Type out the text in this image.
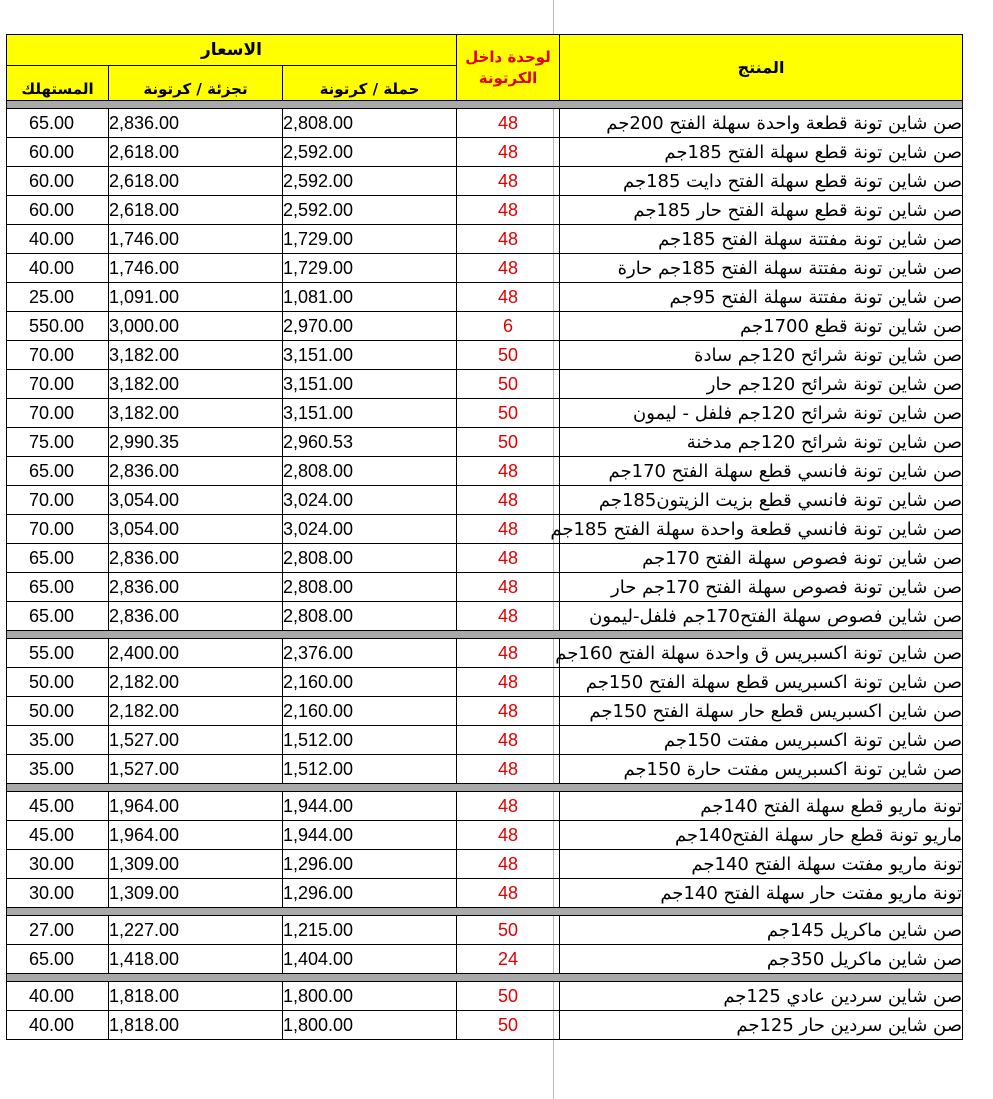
الاسعار			لوحدة داخل الكرتونة	المنتج
المستهلك	تجزئة / كرتونة	حملة / كرتونة		

65.00	2,836.00	2,808.00	48	صن شاين تونة قطعة واحدة سهلة الفتح 200جم
60.00	2,618.00	2,592.00	48	صن شاين تونة قطع سهلة الفتح 185جم
60.00	2,618.00	2,592.00	48	صن شاين تونة قطع سهلة الفتح دايت 185جم
60.00	2,618.00	2,592.00	48	صن شاين تونة قطع سهلة الفتح حار 185جم
40.00	1,746.00	1,729.00	48	صن شاين تونة مفتتة سهلة الفتح 185جم
40.00	1,746.00	1,729.00	48	صن شاين تونة مفتتة سهلة الفتح 185جم حارة
25.00	1,091.00	1,081.00	48	صن شاين تونة مفتتة سهلة الفتح 95جم
550.00	3,000.00	2,970.00	6	صن شاين تونة قطع 1700جم
70.00	3,182.00	3,151.00	50	صن شاين تونة شرائح 120جم سادة
70.00	3,182.00	3,151.00	50	صن شاين تونة شرائح 120جم حار
70.00	3,182.00	3,151.00	50	صن شاين تونة شرائح 120جم فلفل - ليمون
75.00	2,990.35	2,960.53	50	صن شاين تونة شرائح 120جم مدخنة
65.00	2,836.00	2,808.00	48	صن شاين تونة فانسي قطع سهلة الفتح 170جم
70.00	3,054.00	3,024.00	48	صن شاين تونة فانسي قطع بزيت الزيتون185جم
70.00	3,054.00	3,024.00	48	صن شاين تونة فانسي قطعة واحدة سهلة الفتح 185جم
65.00	2,836.00	2,808.00	48	صن شاين تونة فصوص سهلة الفتح 170جم
65.00	2,836.00	2,808.00	48	صن شاين تونة فصوص سهلة الفتح 170جم حار
65.00	2,836.00	2,808.00	48	صن شاين فصوص سهلة الفتح170جم فلفل-ليمون

55.00	2,400.00	2,376.00	48	صن شاين تونة اكسبريس ق واحدة سهلة الفتح 160جم
50.00	2,182.00	2,160.00	48	صن شاين تونة اكسبريس قطع سهلة الفتح 150جم
50.00	2,182.00	2,160.00	48	صن شاين اكسبريس قطع حار سهلة الفتح 150جم
35.00	1,527.00	1,512.00	48	صن شاين تونة اكسبريس مفتت 150جم
35.00	1,527.00	1,512.00	48	صن شاين تونة اكسبريس مفتت حارة 150جم

45.00	1,964.00	1,944.00	48	تونة ماريو قطع سهلة الفتح 140جم
45.00	1,964.00	1,944.00	48	ماريو تونة قطع حار سهلة الفتح140جم
30.00	1,309.00	1,296.00	48	تونة ماريو مفتت سهلة الفتح 140جم
30.00	1,309.00	1,296.00	48	تونة ماريو مفتت حار سهلة الفتح 140جم

27.00	1,227.00	1,215.00	50	صن شاين ماكريل 145جم
65.00	1,418.00	1,404.00	24	صن شاين ماكريل 350جم

40.00	1,818.00	1,800.00	50	صن شاين سردين عادي 125جم
40.00	1,818.00	1,800.00	50	صن شاين سردين حار 125جم
